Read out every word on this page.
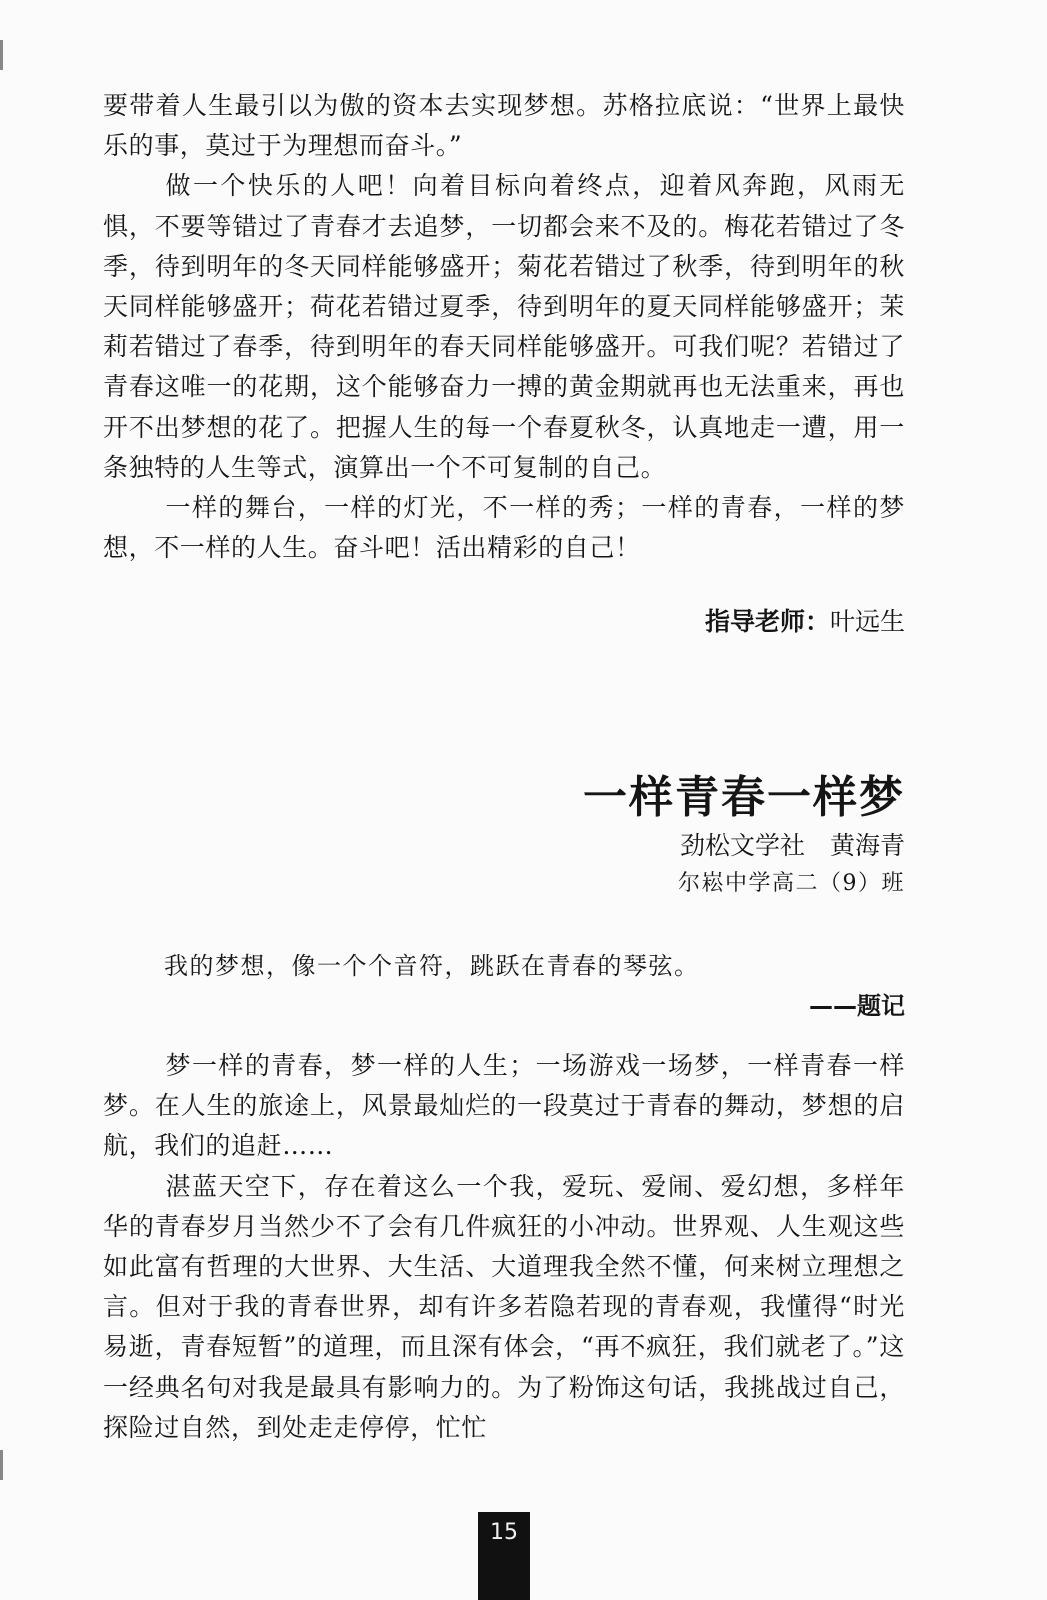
要带着人生最引以为傲的资本去实现梦想。苏格拉底说：“世界上最快乐的事，莫过于为理想而奋斗。”

做一个快乐的人吧！向着目标向着终点，迎着风奔跑，风雨无惧，不要等错过了青春才去追梦，一切都会来不及的。梅花若错过了冬季，待到明年的冬天同样能够盛开；菊花若错过了秋季，待到明年的秋天同样能够盛开；荷花若错过夏季，待到明年的夏天同样能够盛开；茉莉若错过了春季，待到明年的春天同样能够盛开。可我们呢？若错过了青春这唯一的花期，这个能够奋力一搏的黄金期就再也无法重来，再也开不出梦想的花了。把握人生的每一个春夏秋冬，认真地走一遭，用一条独特的人生等式，演算出一个不可复制的自己。

一样的舞台，一样的灯光，不一样的秀；一样的青春，一样的梦想，不一样的人生。奋斗吧！活出精彩的自己！

指导老师：叶远生
一样青春一样梦
劲松文学社　黄海青
尔崧中学高二（9）班
我的梦想，像一个个音符，跳跃在青春的琴弦。
——题记

梦一样的青春，梦一样的人生；一场游戏一场梦，一样青春一样梦。在人生的旅途上，风景最灿烂的一段莫过于青春的舞动，梦想的启航，我们的追赶……

湛蓝天空下，存在着这么一个我，爱玩、爱闹、爱幻想，多样年华的青春岁月当然少不了会有几件疯狂的小冲动。世界观、人生观这些如此富有哲理的大世界、大生活、大道理我全然不懂，何来树立理想之言。但对于我的青春世界，却有许多若隐若现的青春观，我懂得“时光易逝，青春短暂”的道理，而且深有体会，“再不疯狂，我们就老了。”这一经典名句对我是最具有影响力的。为了粉饰这句话，我挑战过自己，探险过自然，到处走走停停，忙忙

15
